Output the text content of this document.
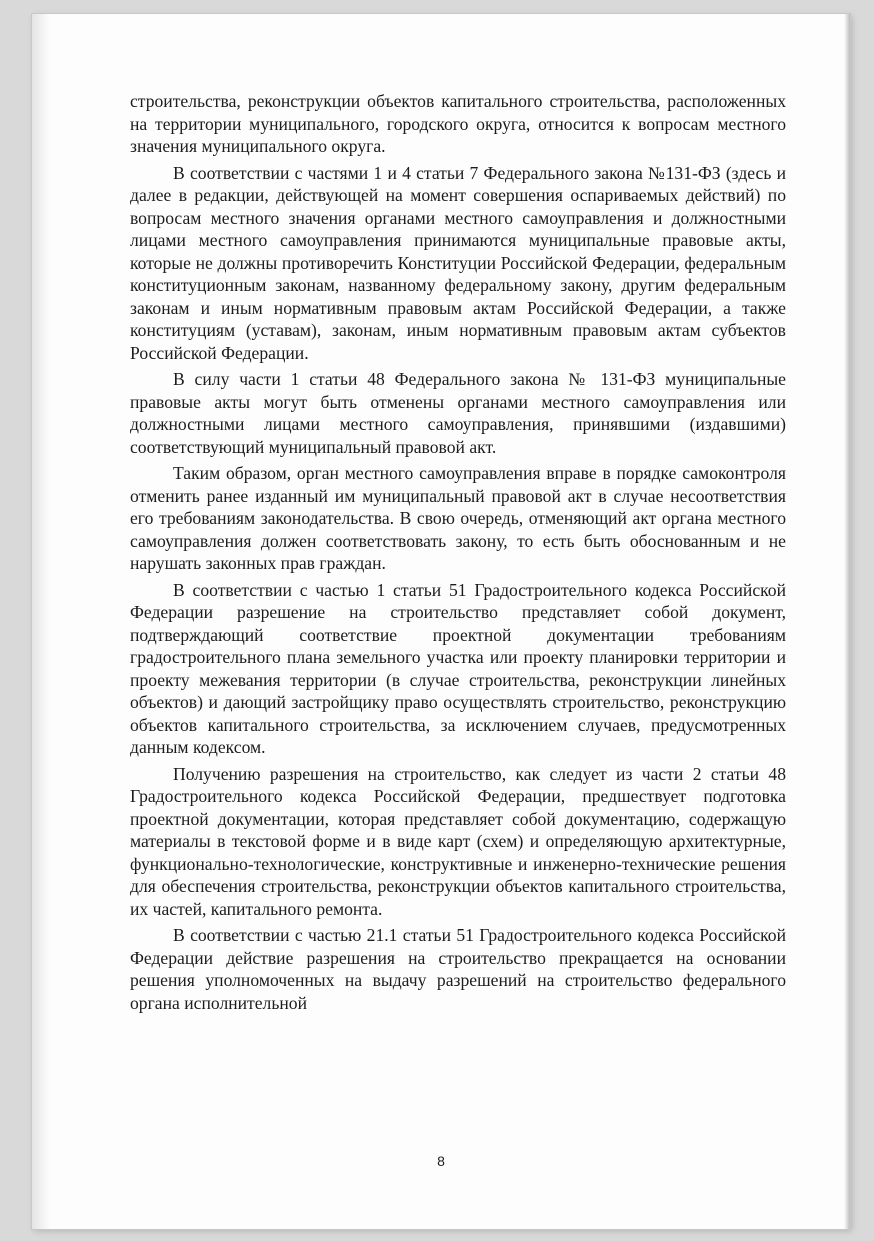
строительства, реконструкции объектов капитального строительства, расположенных на территории муниципального, городского округа, относится к вопросам местного значения муниципального округа.

В соответствии с частями 1 и 4 статьи 7 Федерального закона №131-ФЗ (здесь и далее в редакции, действующей на момент совершения оспариваемых действий) по вопросам местного значения органами местного самоуправления и должностными лицами местного самоуправления принимаются муниципальные правовые акты, которые не должны противоречить Конституции Российской Федерации, федеральным конституционным законам, названному федеральному закону, другим федеральным законам и иным нормативным правовым актам Российской Федерации, а также конституциям (уставам), законам, иным нормативным правовым актам субъектов Российской Федерации.

В силу части 1 статьи 48 Федерального закона № 131-ФЗ муниципальные правовые акты могут быть отменены органами местного самоуправления или должностными лицами местного самоуправления, принявшими (издавшими) соответствующий муниципальный правовой акт.

Таким образом, орган местного самоуправления вправе в порядке самоконтроля отменить ранее изданный им муниципальный правовой акт в случае несоответствия его требованиям законодательства. В свою очередь, отменяющий акт органа местного самоуправления должен соответствовать закону, то есть быть обоснованным и не нарушать законных прав граждан.

В соответствии с частью 1 статьи 51 Градостроительного кодекса Российской Федерации разрешение на строительство представляет собой документ, подтверждающий соответствие проектной документации требованиям градостроительного плана земельного участка или проекту планировки территории и проекту межевания территории (в случае строительства, реконструкции линейных объектов) и дающий застройщику право осуществлять строительство, реконструкцию объектов капитального строительства, за исключением случаев, предусмотренных данным кодексом.

Получению разрешения на строительство, как следует из части 2 статьи 48 Градостроительного кодекса Российской Федерации, предшествует подготовка проектной документации, которая представляет собой документацию, содержащую материалы в текстовой форме и в виде карт (схем) и определяющую архитектурные, функционально-технологические, конструктивные и инженерно-технические решения для обеспечения строительства, реконструкции объектов капитального строительства, их частей, капитального ремонта.

В соответствии с частью 21.1 статьи 51 Градостроительного кодекса Российской Федерации действие разрешения на строительство прекращается на основании решения уполномоченных на выдачу разрешений на строительство федерального органа исполнительной

8
